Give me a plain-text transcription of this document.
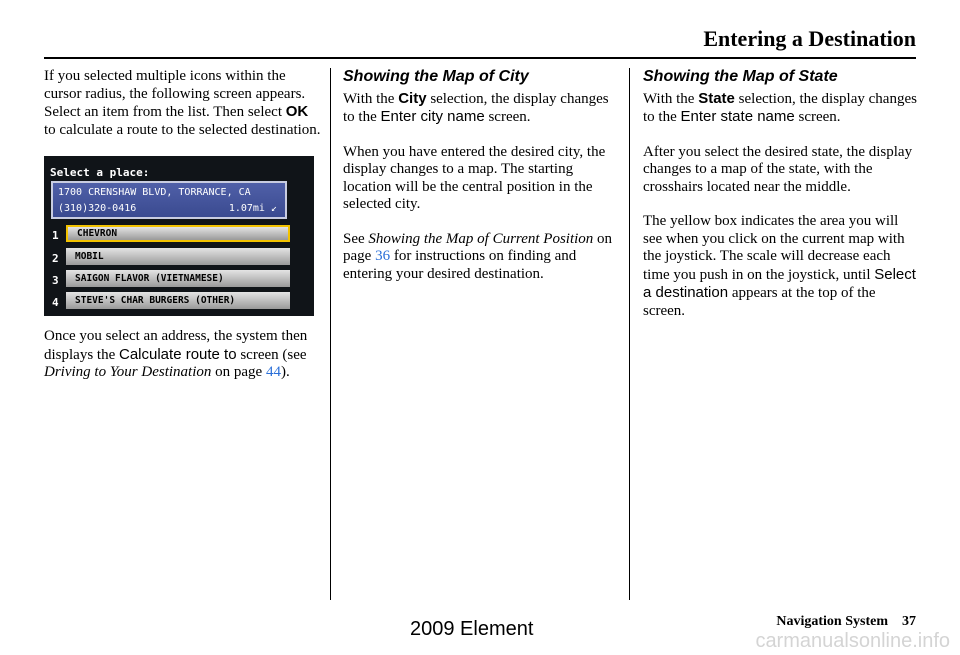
Entering a Destination

If you selected multiple icons within the cursor radius, the following screen appears. Select an item from the list. Then select OK to calculate a route to the selected destination.

Select a place:
1700 CRENSHAW BLVD, TORRANCE, CA
(310)320-0416	1.07mi ↙
1	CHEVRON
2	MOBIL
3	SAIGON FLAVOR (VIETNAMESE)
4	STEVE'S CHAR BURGERS (OTHER)

Once you select an address, the system then displays the Calculate route to screen (see Driving to Your Destination on page 44).

Showing the Map of City

With the City selection, the display changes to the Enter city name screen.

When you have entered the desired city, the display changes to a map. The starting location will be the central position in the selected city.

See Showing the Map of Current Position on page 36 for instructions on finding and entering your desired destination.

Showing the Map of State

With the State selection, the display changes to the Enter state name screen.

After you select the desired state, the display changes to a map of the state, with the crosshairs located near the middle.

The yellow box indicates the area you will see when you click on the current map with the joystick. The scale will decrease each time you push in on the joystick, until Select a destination appears at the top of the screen.

Navigation System 37
2009 Element
carmanualsonline.info
